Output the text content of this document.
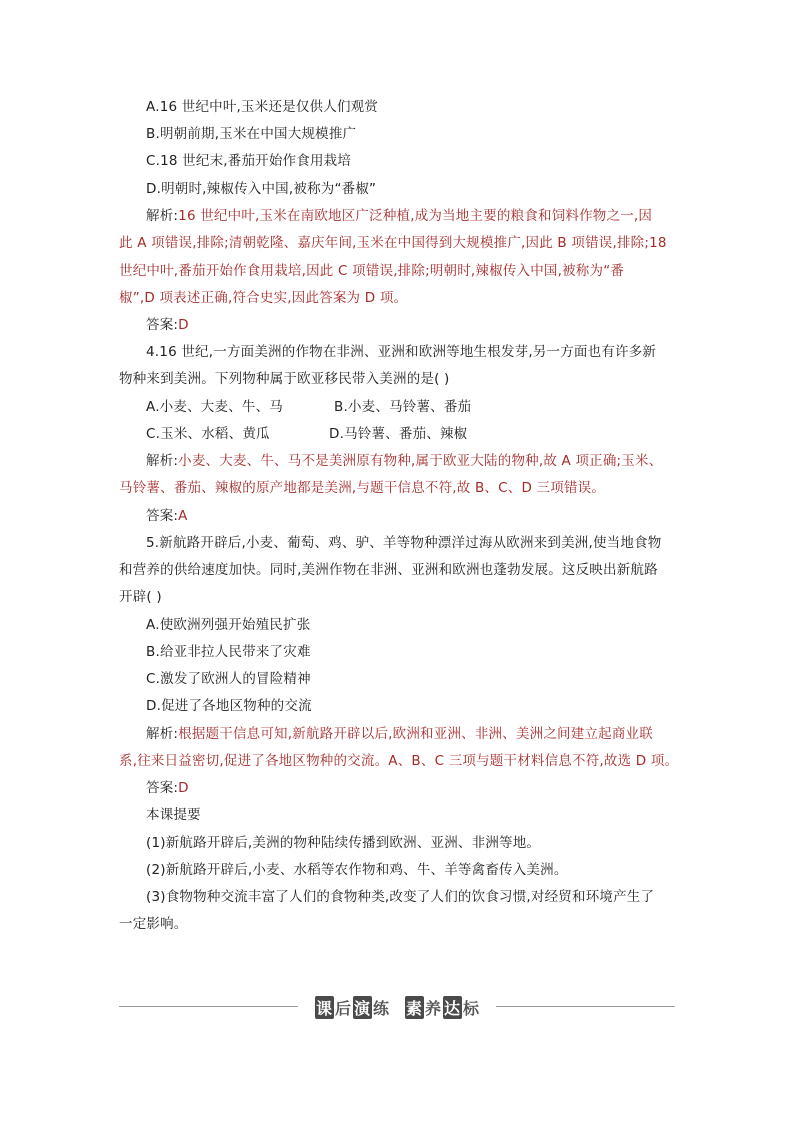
A.16 世纪中叶,玉米还是仅供人们观赏
B.明朝前期,玉米在中国大规模推广
C.18 世纪末,番茄开始作食用栽培
D.明朝时,辣椒传入中国,被称为“番椒”
解析:16 世纪中叶,玉米在南欧地区广泛种植,成为当地主要的粮食和饲料作物之一,因
此 A 项错误,排除;清朝乾隆、嘉庆年间,玉米在中国得到大规模推广,因此 B 项错误,排除;18
世纪中叶,番茄开始作食用栽培,因此 C 项错误,排除;明朝时,辣椒传入中国,被称为“番
椒”,D 项表述正确,符合史实,因此答案为 D 项。
答案:D
4.16 世纪,一方面美洲的作物在非洲、亚洲和欧洲等地生根发芽,另一方面也有许多新
物种来到美洲。下列物种属于欧亚移民带入美洲的是( )
A.小麦、大麦、牛、马	B.小麦、马铃薯、番茄
C.玉米、水稻、黄瓜	D.马铃薯、番茄、辣椒
解析:小麦、大麦、牛、马不是美洲原有物种,属于欧亚大陆的物种,故 A 项正确;玉米、
马铃薯、番茄、辣椒的原产地都是美洲,与题干信息不符,故 B、C、D 三项错误。
答案:A
5.新航路开辟后,小麦、葡萄、鸡、驴、羊等物种漂洋过海从欧洲来到美洲,使当地食物
和营养的供给速度加快。同时,美洲作物在非洲、亚洲和欧洲也蓬勃发展。这反映出新航路
开辟( )
A.使欧洲列强开始殖民扩张
B.给亚非拉人民带来了灾难
C.激发了欧洲人的冒险精神
D.促进了各地区物种的交流
解析:根据题干信息可知,新航路开辟以后,欧洲和亚洲、非洲、美洲之间建立起商业联
系,往来日益密切,促进了各地区物种的交流。A、B、C 三项与题干材料信息不符,故选 D 项。
答案:D
本课提要
(1)新航路开辟后,美洲的物种陆续传播到欧洲、亚洲、非洲等地。
(2)新航路开辟后,小麦、水稻等农作物和鸡、牛、羊等禽畜传入美洲。
(3)食物物种交流丰富了人们的食物种类,改变了人们的饮食习惯,对经贸和环境产生了
一定影响。
课 后 演 练 素 养 达 标
